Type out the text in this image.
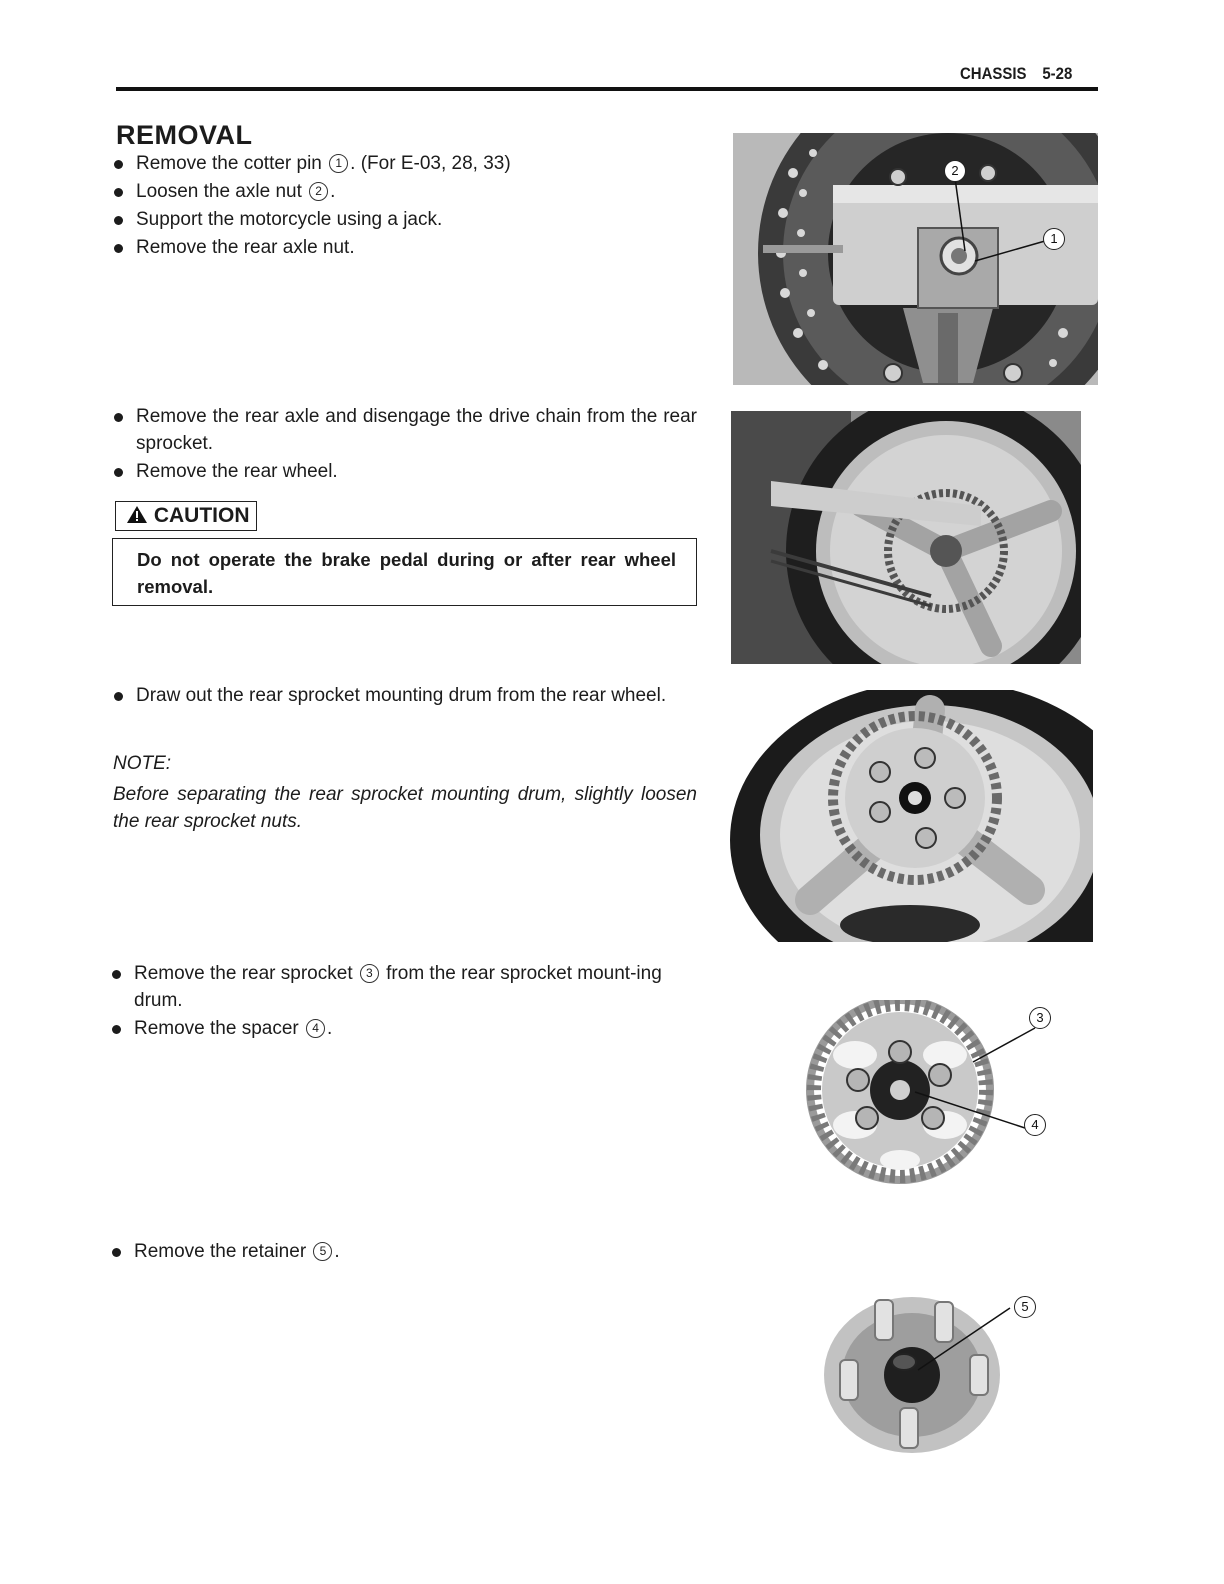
CHASSIS 5-28
REMOVAL
Remove the cotter pin 1 . (For E-03, 28, 33)
Loosen the axle nut 2 .
Support the motorcycle using a jack.
Remove the rear axle nut.
Remove the rear axle and disengage the drive chain from the rear sprocket.
Remove the rear wheel.
CAUTION
Do not operate the brake pedal during or after rear wheel removal.
Draw out the rear sprocket mounting drum from the rear wheel.
NOTE:
Before separating the rear sprocket mounting drum, slightly loosen the rear sprocket nuts.
Remove the rear sprocket 3 from the rear sprocket mount-ing drum.
Remove the spacer 4 .
Remove the retainer 5 .
2
1
3
4
5
